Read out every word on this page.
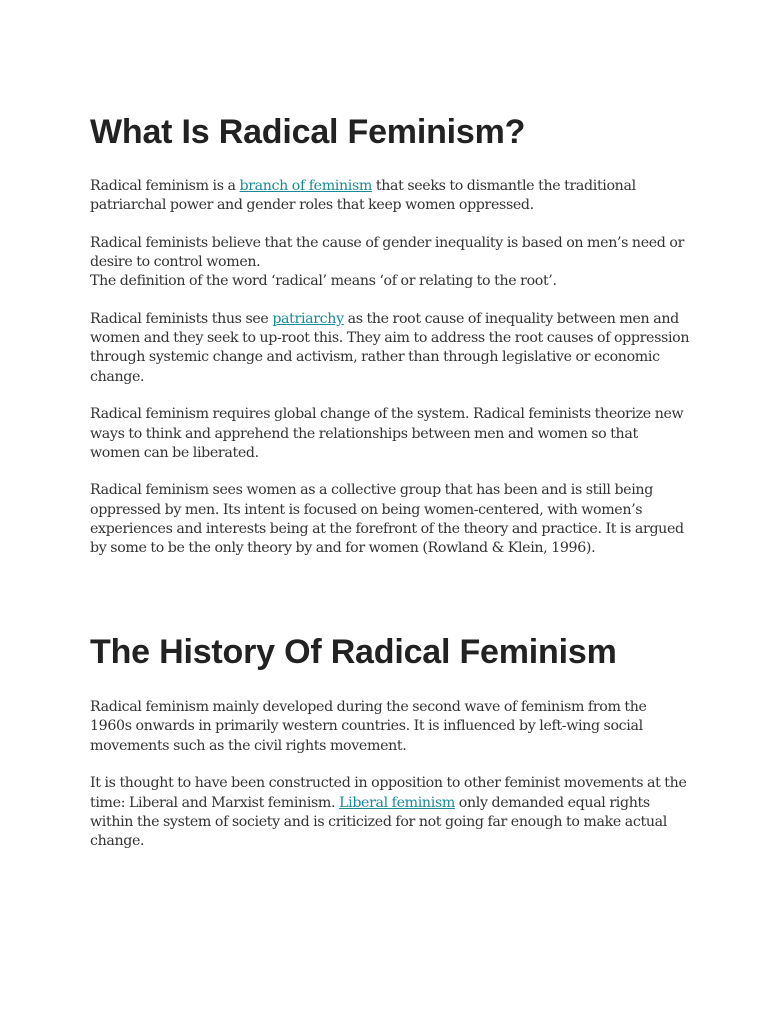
What Is Radical Feminism?

Radical feminism is a branch of feminism that seeks to dismantle the traditional patriarchal power and gender roles that keep women oppressed.

Radical feminists believe that the cause of gender inequality is based on men’s need or desire to control women.
The definition of the word ‘radical’ means ‘of or relating to the root’.

Radical feminists thus see patriarchy as the root cause of inequality between men and women and they seek to up-root this. They aim to address the root causes of oppression through systemic change and activism, rather than through legislative or economic change.

Radical feminism requires global change of the system. Radical feminists theorize new ways to think and apprehend the relationships between men and women so that women can be liberated.

Radical feminism sees women as a collective group that has been and is still being oppressed by men. Its intent is focused on being women-centered, with women’s experiences and interests being at the forefront of the theory and practice. It is argued by some to be the only theory by and for women (Rowland & Klein, 1996).

The History Of Radical Feminism

Radical feminism mainly developed during the second wave of feminism from the 1960s onwards in primarily western countries. It is influenced by left-wing social movements such as the civil rights movement.

It is thought to have been constructed in opposition to other feminist movements at the time: Liberal and Marxist feminism. Liberal feminism only demanded equal rights within the system of society and is criticized for not going far enough to make actual change.
